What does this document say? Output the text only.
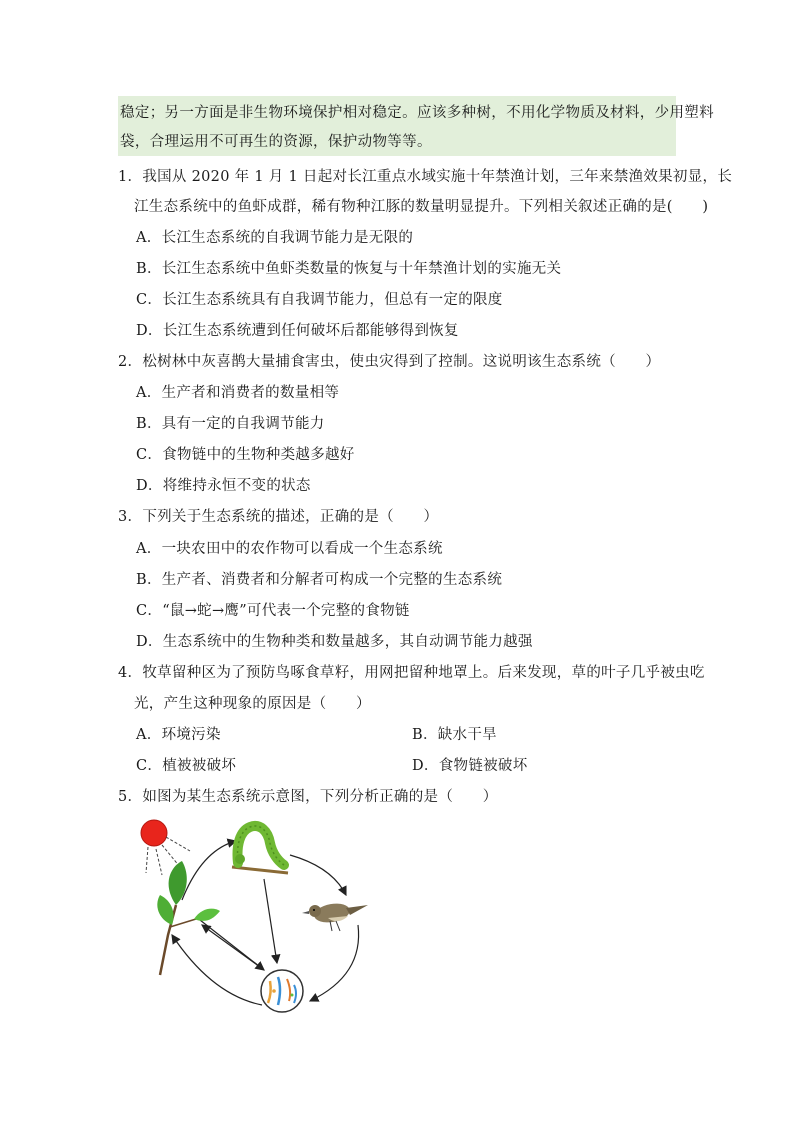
稳定；另一方面是非生物环境保护相对稳定。应该多种树，不用化学物质及材料，少用塑料
袋，合理运用不可再生的资源，保护动物等等。
1．我国从 2020 年 1 月 1 日起对长江重点水域实施十年禁渔计划，三年来禁渔效果初显，长
江生态系统中的鱼虾成群，稀有物种江豚的数量明显提升。下列相关叙述正确的是(　　)
A．长江生态系统的自我调节能力是无限的
B．长江生态系统中鱼虾类数量的恢复与十年禁渔计划的实施无关
C．长江生态系统具有自我调节能力，但总有一定的限度
D．长江生态系统遭到任何破坏后都能够得到恢复
2．松树林中灰喜鹊大量捕食害虫，使虫灾得到了控制。这说明该生态系统（　　）
A．生产者和消费者的数量相等
B．具有一定的自我调节能力
C．食物链中的生物种类越多越好
D．将维持永恒不变的状态
3．下列关于生态系统的描述，正确的是（　　）
A．一块农田中的农作物可以看成一个生态系统
B．生产者、消费者和分解者可构成一个完整的生态系统
C．“鼠→蛇→鹰”可代表一个完整的食物链
D．生态系统中的生物种类和数量越多，其自动调节能力越强
4．牧草留种区为了预防鸟啄食草籽，用网把留种地罩上。后来发现，草的叶子几乎被虫吃
光，产生这种现象的原因是（　　）
A．环境污染	B．缺水干旱
C．植被被破坏	D．食物链被破坏
5．如图为某生态系统示意图，下列分析正确的是（　　）
